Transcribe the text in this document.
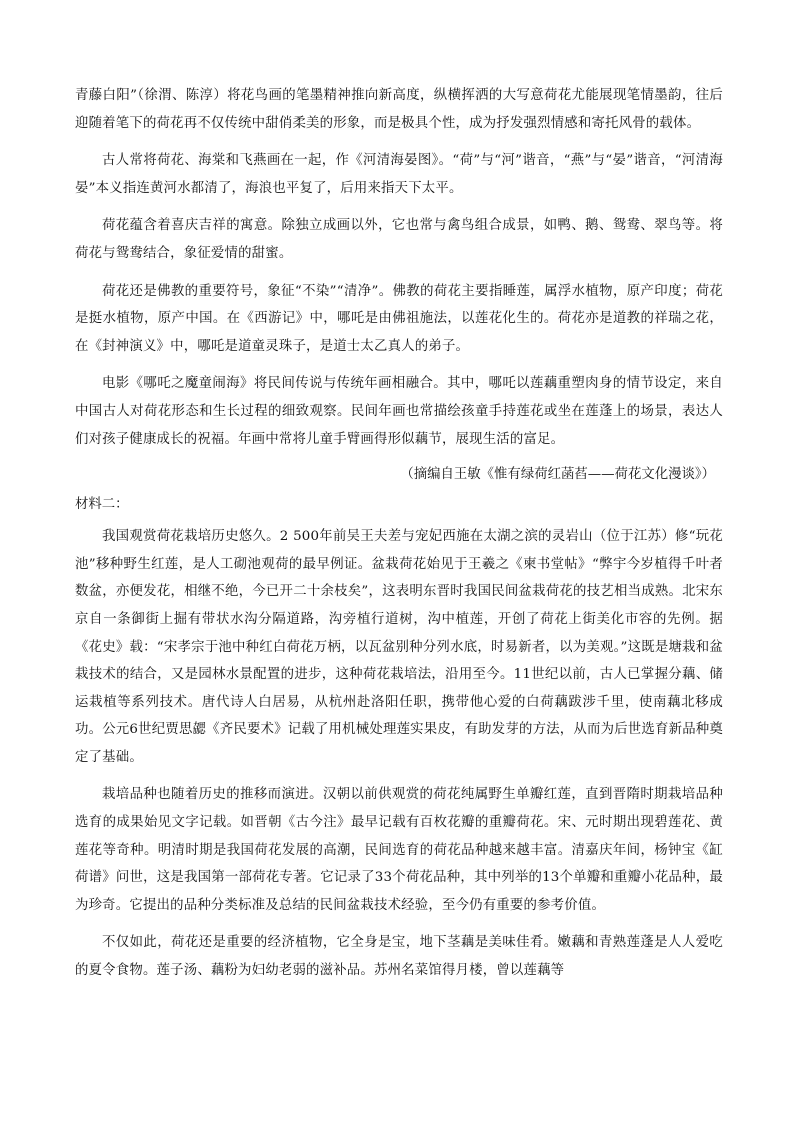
青藤白阳”（徐渭、陈淳）将花鸟画的笔墨精神推向新高度，纵横挥洒的大写意荷花尤能展现笔情墨韵，往后迎随着笔下的荷花再不仅传统中甜俏柔美的形象，而是极具个性，成为抒发强烈情感和寄托风骨的载体。

古人常将荷花、海棠和飞燕画在一起，作《河清海晏图》。“荷”与“河”谐音，“燕”与“晏”谐音，“河清海晏”本义指连黄河水都清了，海浪也平复了，后用来指天下太平。

荷花蕴含着喜庆吉祥的寓意。除独立成画以外，它也常与禽鸟组合成景，如鸭、鹅、鸳鸯、翠鸟等。将荷花与鸳鸯结合，象征爱情的甜蜜。

荷花还是佛教的重要符号，象征“不染”“清净”。佛教的荷花主要指睡莲，属浮水植物，原产印度；荷花是挺水植物，原产中国。在《西游记》中，哪吒是由佛祖施法，以莲花化生的。荷花亦是道教的祥瑞之花，在《封神演义》中，哪吒是道童灵珠子，是道士太乙真人的弟子。

电影《哪吒之魔童闹海》将民间传说与传统年画相融合。其中，哪吒以莲藕重塑肉身的情节设定，来自中国古人对荷花形态和生长过程的细致观察。民间年画也常描绘孩童手持莲花或坐在莲蓬上的场景，表达人们对孩子健康成长的祝福。年画中常将儿童手臂画得形似藕节，展现生活的富足。

（摘编自王敏《惟有绿荷红菡萏——荷花文化漫谈》）

材料二：

我国观赏荷花栽培历史悠久。2 500年前吴王夫差与宠妃西施在太湖之滨的灵岩山（位于江苏）修“玩花池”移种野生红莲，是人工砌池观荷的最早例证。盆栽荷花始见于王羲之《柬书堂帖》“弊宇今岁植得千叶者数盆，亦便发花，相继不绝，今已开二十余枝矣”，这表明东晋时我国民间盆栽荷花的技艺相当成熟。北宋东京自一条御街上掘有带状水沟分隔道路，沟旁植行道树，沟中植莲，开创了荷花上街美化市容的先例。据《花史》载：“宋孝宗于池中种红白荷花万柄，以瓦盆别种分列水底，时易新者，以为美观。”这既是塘栽和盆栽技术的结合，又是园林水景配置的进步，这种荷花栽培法，沿用至今。11世纪以前，古人已掌握分藕、储运栽植等系列技术。唐代诗人白居易，从杭州赴洛阳任职，携带他心爱的白荷藕跋涉千里，使南藕北移成功。公元6世纪贾思勰《齐民要术》记载了用机械处理莲实果皮，有助发芽的方法，从而为后世选育新品种奠定了基础。

栽培品种也随着历史的推移而演进。汉朝以前供观赏的荷花纯属野生单瓣红莲，直到晋隋时期栽培品种选育的成果始见文字记载。如晋朝《古今注》最早记载有百枚花瓣的重瓣荷花。宋、元时期出现碧莲花、黄莲花等奇种。明清时期是我国荷花发展的高潮，民间选育的荷花品种越来越丰富。清嘉庆年间，杨钟宝《缸荷谱》问世，这是我国第一部荷花专著。它记录了33个荷花品种，其中列举的13个单瓣和重瓣小花品种，最为珍奇。它提出的品种分类标准及总结的民间盆栽技术经验，至今仍有重要的参考价值。

不仅如此，荷花还是重要的经济植物，它全身是宝，地下茎藕是美味佳肴。嫩藕和青熟莲蓬是人人爱吃的夏令食物。莲子汤、藕粉为妇幼老弱的滋补品。苏州名菜馆得月楼，曾以莲藕等
